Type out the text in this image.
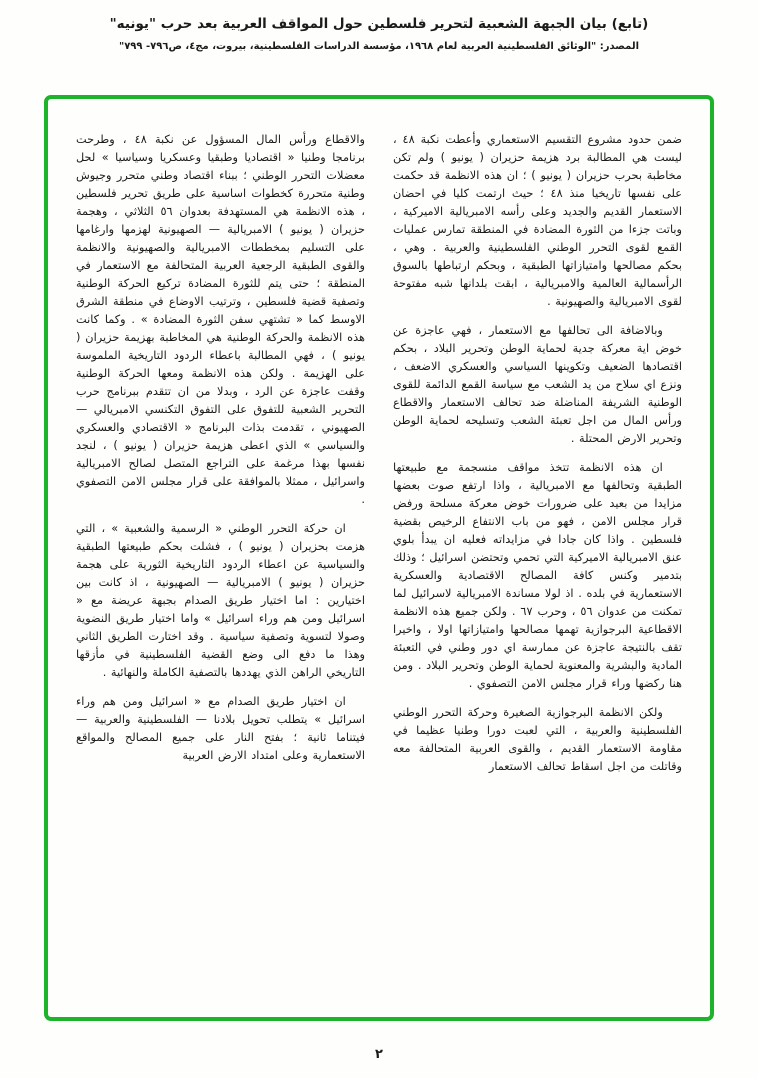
(تابع) بيان الجبهة الشعبية لتحرير فلسطين حول المواقف العربية بعد حرب "يونيه"
المصدر: "الوثائق الفلسطينية العربية لعام ١٩٦٨، مؤسسة الدراسات الفلسطينية، بيروت، مج٤، ص٧٩٦- ٧٩٩"

ضمن حدود مشروع التقسيم الاستعماري وأعطت نكبة ٤٨ ، ليست هي المطالبة برد هزيمة حزيران ( يونيو ) ولم تكن مخاطبة بحرب حزيران ( يونيو ) ؛ ان هذه الانظمة قد حكمت على نفسها تاريخيا منذ ٤٨ ؛ حيث ارتمت كليا في احضان الاستعمار القديم والجديد وعلى رأسه الامبريالية الاميركية ، وباتت جزءا من الثورة المضادة في المنطقة تمارس عمليات القمع لقوى التحرر الوطني الفلسطينية والعربية . وهي ، بحكم مصالحها وامتيازاتها الطبقية ، وبحكم ارتباطها بالسوق الرأسمالية العالمية والامبريالية ، ابقت بلدانها شبه مفتوحة لقوى الامبريالية والصهيونية .

وبالاضافة الى تحالفها مع الاستعمار ، فهي عاجزة عن خوض اية معركة جدية لحماية الوطن وتحرير البلاد ، بحكم اقتصادها الضعيف وتكوينها السياسي والعسكري الاضعف ، ونزع اي سلاح من يد الشعب مع سياسة القمع الدائمة للقوى الوطنية الشريفة المناضلة ضد تحالف الاستعمار والاقطاع ورأس المال من اجل تعبئة الشعب وتسليحه لحماية الوطن وتحرير الارض المحتلة .

ان هذه الانظمة تتخذ مواقف منسجمة مع طبيعتها الطبقية وتحالفها مع الامبريالية ، واذا ارتفع صوت بعضها مزايدا من بعيد على ضرورات خوض معركة مسلحة ورفض قرار مجلس الامن ، فهو من باب الانتفاع الرخيص بقضية فلسطين . واذا كان جادا في مزايداته فعليه ان يبدأ بلوي عنق الامبريالية الاميركية التي تحمي وتحتضن اسرائيل ؛ وذلك بتدمير وكنس كافة المصالح الاقتصادية والعسكرية الاستعمارية في بلده . اذ لولا مساندة الامبريالية لاسرائيل لما تمكنت من عدوان ٥٦ ، وحرب ٦٧ . ولكن جميع هذه الانظمة الاقطاعية البرجوازية تهمها مصالحها وامتيازاتها اولا ، واخيرا تقف بالنتيجة عاجزة عن ممارسة اي دور وطني في التعبئة المادية والبشرية والمعنوية لحماية الوطن وتحرير البلاد . ومن هنا ركضها وراء قرار مجلس الامن التصفوي .

ولكن الانظمة البرجوازية الصغيرة وحركة التحرر الوطني الفلسطينية والعربية ، التي لعبت دورا وطنيا عظيما في مقاومة الاستعمار القديم ، والقوى العربية المتحالفة معه وقاتلت من اجل اسقاط تحالف الاستعمار

والاقطاع ورأس المال المسؤول عن نكبة ٤٨ ، وطرحت برنامجا وطنيا « اقتصاديا وطبقيا وعسكريا وسياسيا » لحل معضلات التحرر الوطني ؛ ببناء اقتصاد وطني متحرر وجيوش وطنية متحررة كخطوات اساسية على طريق تحرير فلسطين ، هذه الانظمة هي المستهدفة بعدوان ٥٦ الثلاثي ، وهجمة حزيران ( يونيو ) الامبريالية — الصهيونية لهزمها وارغامها على التسليم بمخططات الامبريالية والصهيونية والانظمة والقوى الطبقية الرجعية العربية المتحالفة مع الاستعمار في المنطقة ؛ حتى يتم للثورة المضادة تركيع الحركة الوطنية وتصفية قضية فلسطين ، وترتيب الاوضاع في منطقة الشرق الاوسط كما « تشتهي سفن الثورة المضادة » . وكما كانت هذه الانظمة والحركة الوطنية هي المخاطبة بهزيمة حزيران ( يونيو ) ، فهي المطالبة باعطاء الردود التاريخية الملموسة على الهزيمة . ولكن هذه الانظمة ومعها الحركة الوطنية وقفت عاجزة عن الرد ، وبدلا من ان تتقدم ببرنامج حرب التحرير الشعبية للتفوق على التفوق التكنسي الامبريالي — الصهيوني ، تقدمت بذات البرنامج « الاقتصادي والعسكري والسياسي » الذي اعطى هزيمة حزيران ( يونيو ) ، لنجد نفسها بهذا مرغمة على التراجع المتصل لصالح الامبريالية واسرائيل ، ممثلا بالموافقة على قرار مجلس الامن التصفوي .

ان حركة التحرر الوطني « الرسمية والشعبية » ، التي هزمت بحزيران ( يونيو ) ، فشلت بحكم طبيعتها الطبقية والسياسية عن اعطاء الردود التاريخية الثورية على هجمة حزيران ( يونيو ) الامبريالية — الصهيونية ، اذ كانت بين اختيارين : اما اختيار طريق الصدام بجبهة عريضة مع « اسرائيل ومن هم وراء اسرائيل » واما اختيار طريق النضوية وصولا لتسوية وتصفية سياسية . وقد اختارت الطريق الثاني وهذا ما دفع الى وضع القضية الفلسطينية في مأزقها التاريخي الراهن الذي يهددها بالتصفية الكاملة والنهائية .

ان اختيار طريق الصدام مع « اسرائيل ومن هم وراء اسرائيل » يتطلب تحويل بلادنا — الفلسطينية والعربية — فيتناما ثانية ؛ بفتح النار على جميع المصالح والمواقع الاستعمارية وعلى امتداد الارض العربية

٢
